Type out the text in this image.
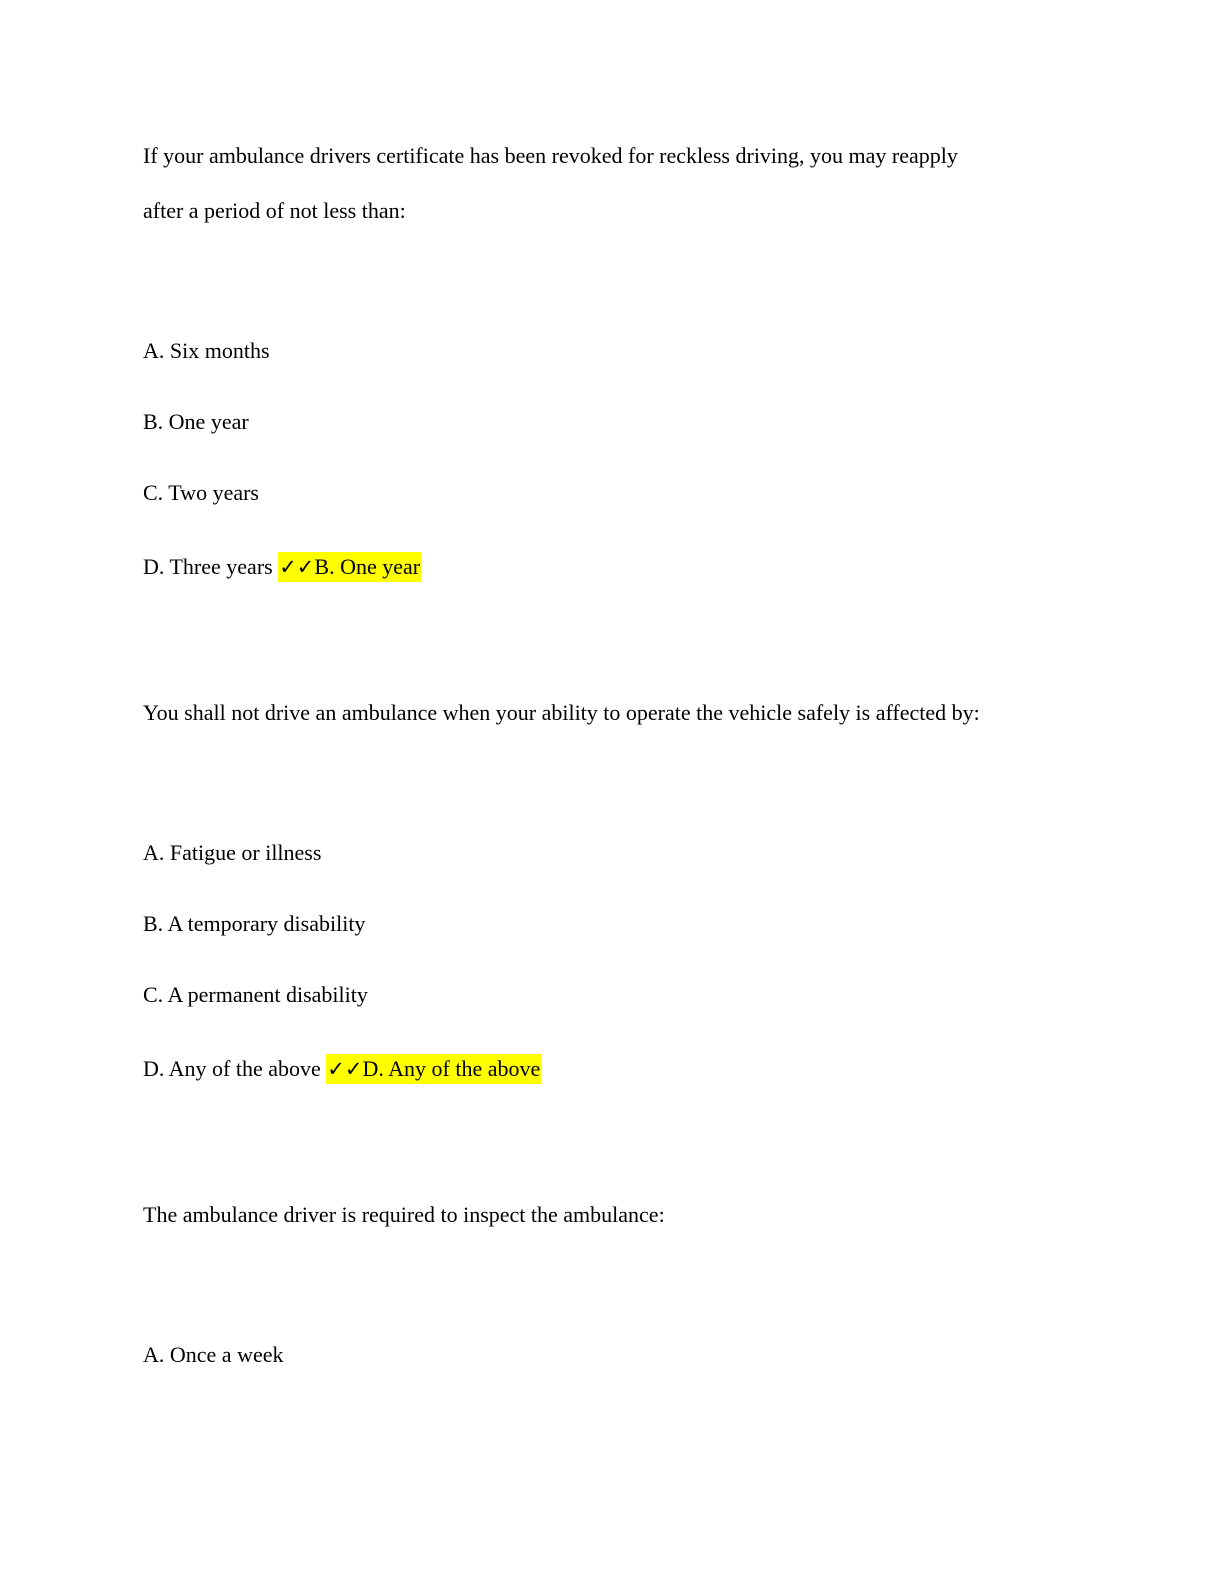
If your ambulance drivers certificate has been revoked for reckless driving, you may reapply
after a period of not less than:
A. Six months
B. One year
C. Two years
D. Three years ✓✓B. One year
You shall not drive an ambulance when your ability to operate the vehicle safely is affected by:
A. Fatigue or illness
B. A temporary disability
C. A permanent disability
D. Any of the above ✓✓D. Any of the above
The ambulance driver is required to inspect the ambulance:
A. Once a week
